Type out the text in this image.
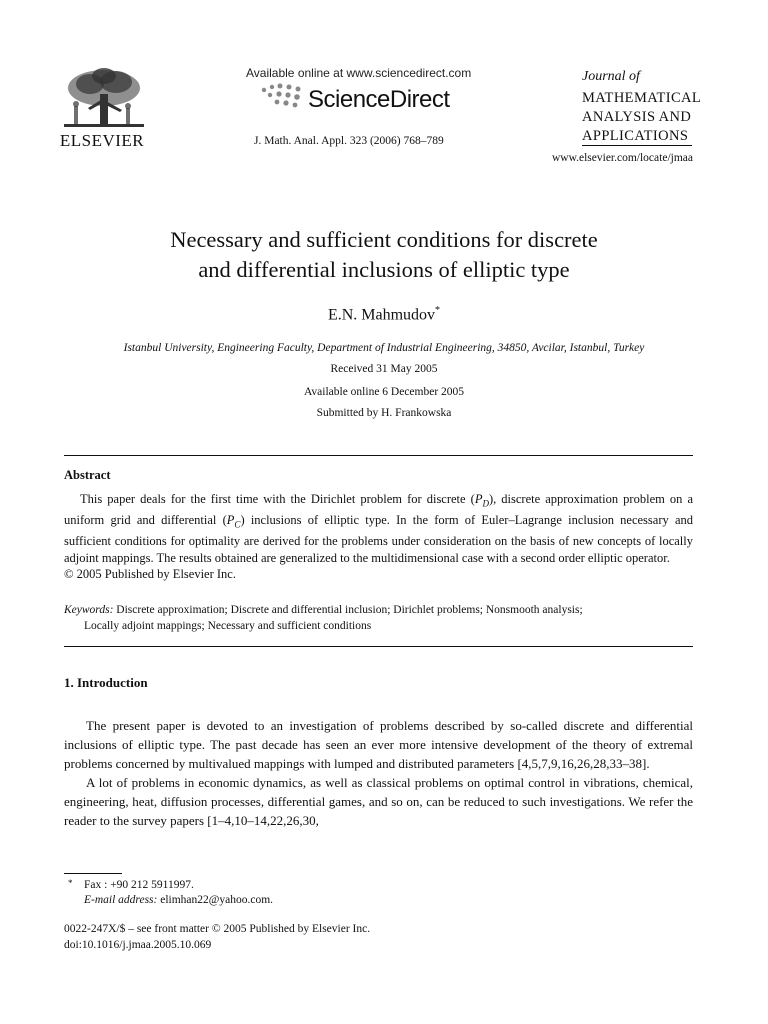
ELSEVIER
Available online at www.sciencedirect.com
ScienceDirect
J. Math. Anal. Appl. 323 (2006) 768–789
Journal of
MATHEMATICAL
ANALYSIS AND
APPLICATIONS
www.elsevier.com/locate/jmaa
Necessary and sufficient conditions for discrete
and differential inclusions of elliptic type
E.N. Mahmudov*
Istanbul University, Engineering Faculty, Department of Industrial Engineering, 34850, Avcilar, Istanbul, Turkey
Received 31 May 2005
Available online 6 December 2005
Submitted by H. Frankowska
Abstract

This paper deals for the first time with the Dirichlet problem for discrete $(P_D)$, discrete approximation problem on a uniform grid and differential $(P_C)$ inclusions of elliptic type. In the form of Euler–Lagrange inclusion necessary and sufficient conditions for optimality are derived for the problems under consideration on the basis of new concepts of locally adjoint mappings. The results obtained are generalized to the multidimensional case with a second order elliptic operator.

© 2005 Published by Elsevier Inc.

Keywords: Discrete approximation; Discrete and differential inclusion; Dirichlet problems; Nonsmooth analysis;
Locally adjoint mappings; Necessary and sufficient conditions
1. Introduction

The present paper is devoted to an investigation of problems described by so-called discrete and differential inclusions of elliptic type. The past decade has seen an ever more intensive development of the theory of extremal problems concerned by multivalued mappings with lumped and distributed parameters [4,5,7,9,16,26,28,33–38].

A lot of problems in economic dynamics, as well as classical problems on optimal control in vibrations, chemical, engineering, heat, diffusion processes, differential games, and so on, can be reduced to such investigations. We refer the reader to the survey papers [1–4,10–14,22,26,30,

* Fax : +90 212 5911997.
E-mail address: elimhan22@yahoo.com.
0022-247X/$ – see front matter © 2005 Published by Elsevier Inc.
doi:10.1016/j.jmaa.2005.10.069
